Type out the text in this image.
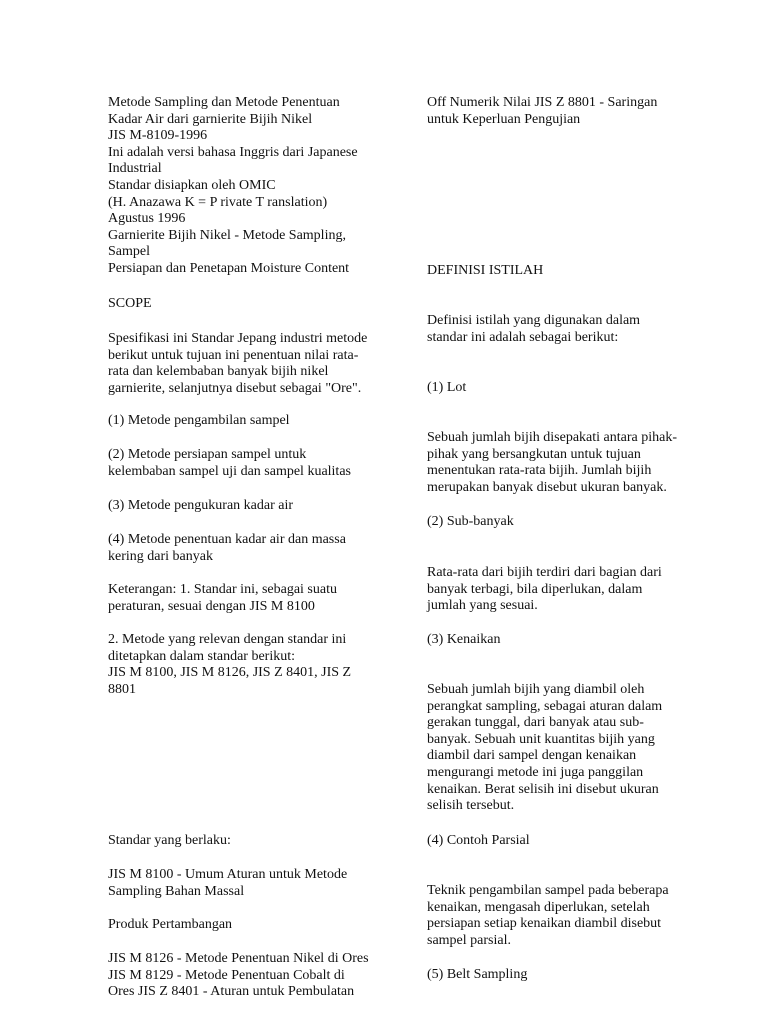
Metode Sampling dan Metode Penentuan
Kadar Air dari garnierite Bijih Nikel
JIS M-8109-1996
Ini adalah versi bahasa Inggris dari Japanese
Industrial
Standar disiapkan oleh OMIC
(H. Anazawa K = P rivate T ranslation)
Agustus 1996
Garnierite Bijih Nikel - Metode Sampling,
Sampel
Persiapan dan Penetapan Moisture Content
SCOPE
Spesifikasi ini Standar Jepang industri metode
berikut untuk tujuan ini penentuan nilai rata-
rata dan kelembaban banyak bijih nikel
garnierite, selanjutnya disebut sebagai "Ore".
(1) Metode pengambilan sampel
(2) Metode persiapan sampel untuk
kelembaban sampel uji dan sampel kualitas
(3) Metode pengukuran kadar air
(4) Metode penentuan kadar air dan massa
kering dari banyak
Keterangan: 1. Standar ini, sebagai suatu
peraturan, sesuai dengan JIS M 8100
2. Metode yang relevan dengan standar ini
ditetapkan dalam standar berikut:
JIS M 8100, JIS M 8126, JIS Z 8401, JIS Z
8801
Standar yang berlaku:
JIS M 8100 - Umum Aturan untuk Metode
Sampling Bahan Massal
Produk Pertambangan
JIS M 8126 - Metode Penentuan Nikel di Ores
JIS M 8129 - Metode Penentuan Cobalt di
Ores JIS Z 8401 - Aturan untuk Pembulatan
Off Numerik Nilai JIS Z 8801 - Saringan
untuk Keperluan Pengujian
DEFINISI ISTILAH
Definisi istilah yang digunakan dalam
standar ini adalah sebagai berikut:
(1) Lot
Sebuah jumlah bijih disepakati antara pihak-
pihak yang bersangkutan untuk tujuan
menentukan rata-rata bijih. Jumlah bijih
merupakan banyak disebut ukuran banyak.
(2) Sub-banyak
Rata-rata dari bijih terdiri dari bagian dari
banyak terbagi, bila diperlukan, dalam
jumlah yang sesuai.
(3) Kenaikan
Sebuah jumlah bijih yang diambil oleh
perangkat sampling, sebagai aturan dalam
gerakan tunggal, dari banyak atau sub-
banyak. Sebuah unit kuantitas bijih yang
diambil dari sampel dengan kenaikan
mengurangi metode ini juga panggilan
kenaikan. Berat selisih ini disebut ukuran
selisih tersebut.
(4) Contoh Parsial
Teknik pengambilan sampel pada beberapa
kenaikan, mengasah diperlukan, setelah
persiapan setiap kenaikan diambil disebut
sampel parsial.
(5) Belt Sampling
